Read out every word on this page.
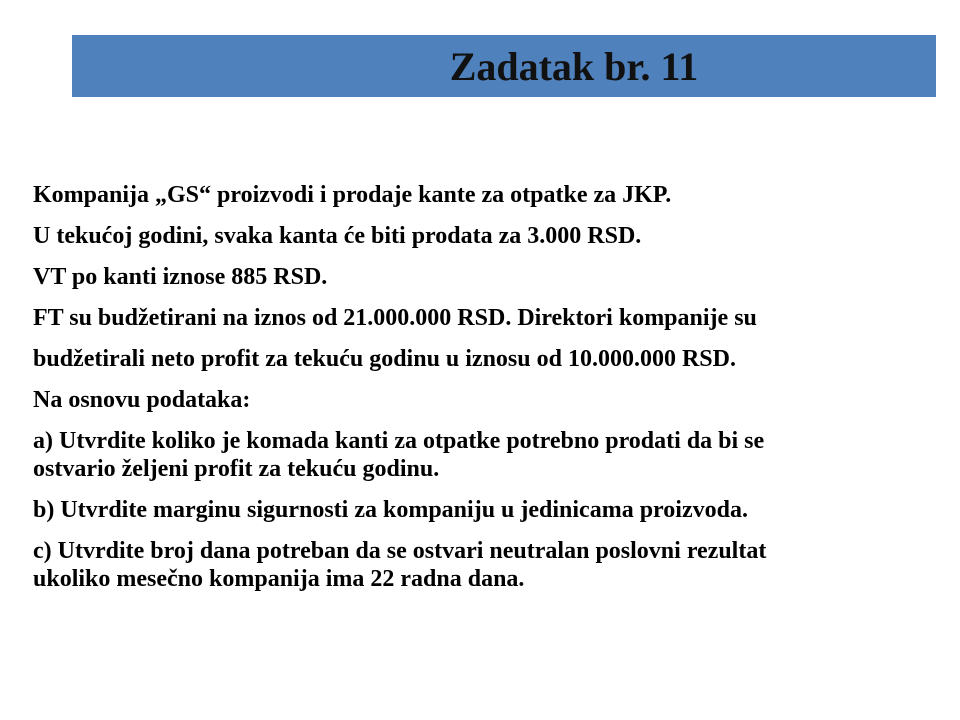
Zadatak br. 11
Kompanija „GS“ proizvodi i prodaje kante za otpatke za JKP.
U tekućoj godini, svaka kanta će biti prodata za 3.000 RSD.
VT po kanti iznose 885 RSD.
FT su budžetirani na iznos od 21.000.000 RSD. Direktori kompanije su
budžetirali neto profit za tekuću godinu u iznosu od 10.000.000 RSD.
Na osnovu podataka:
a) Utvrdite koliko je komada kanti za otpatke potrebno prodati da bi se
ostvario željeni profit za tekuću godinu.
b) Utvrdite marginu sigurnosti za kompaniju u jedinicama proizvoda.
c) Utvrdite broj dana potreban da se ostvari neutralan poslovni rezultat
ukoliko mesečno kompanija ima 22 radna dana.
